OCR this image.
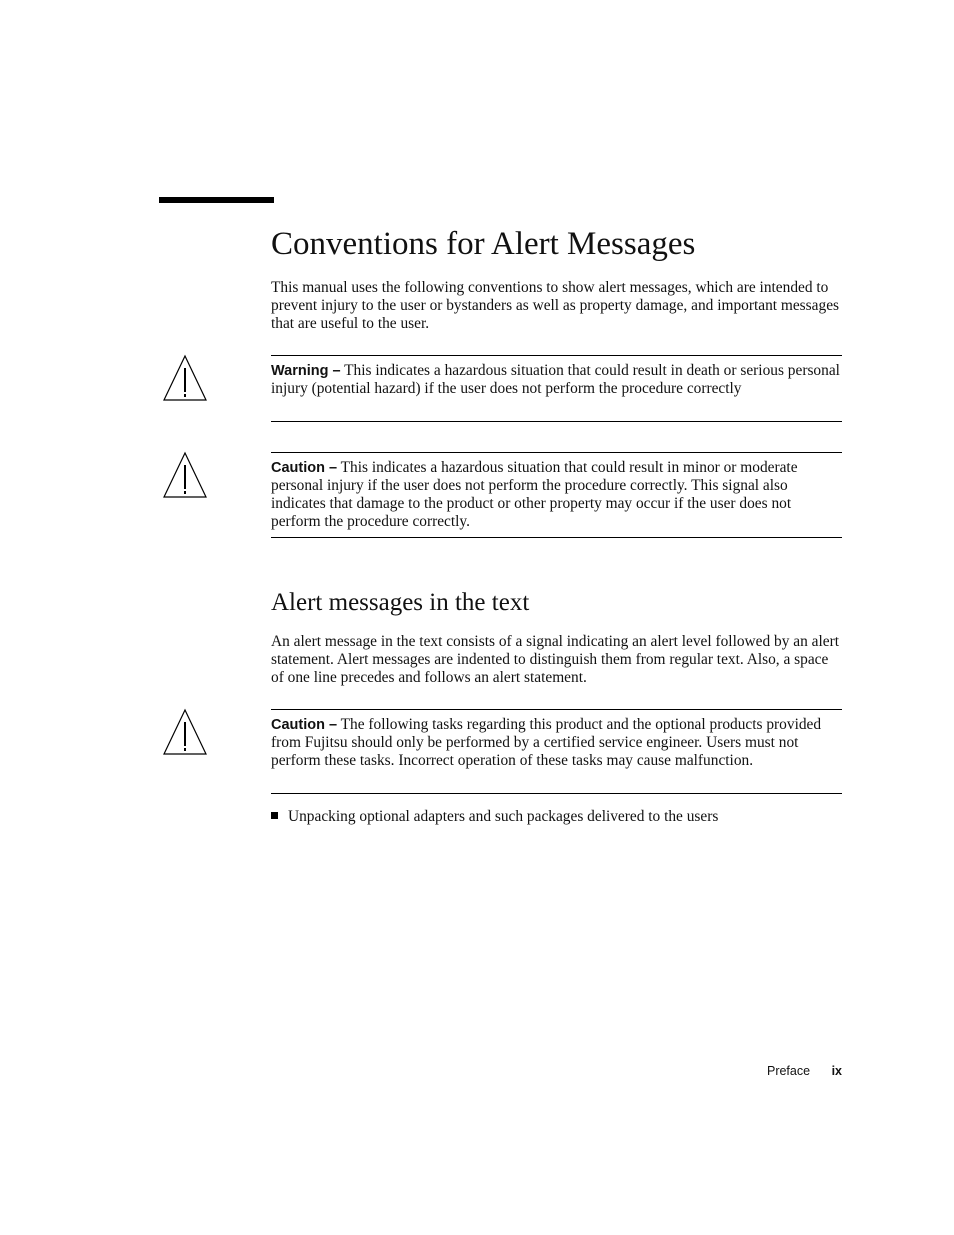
Conventions for Alert Messages

This manual uses the following conventions to show alert messages, which are intended to prevent injury to the user or bystanders as well as property damage, and important messages that are useful to the user.

Warning – This indicates a hazardous situation that could result in death or serious personal injury (potential hazard) if the user does not perform the procedure correctly

Caution – This indicates a hazardous situation that could result in minor or moderate personal injury if the user does not perform the procedure correctly. This signal also indicates that damage to the product or other property may occur if the user does not perform the procedure correctly.

Alert messages in the text

An alert message in the text consists of a signal indicating an alert level followed by an alert statement. Alert messages are indented to distinguish them from regular text. Also, a space of one line precedes and follows an alert statement.

Caution – The following tasks regarding this product and the optional products provided from Fujitsu should only be performed by a certified service engineer. Users must not perform these tasks. Incorrect operation of these tasks may cause malfunction.

Unpacking optional adapters and such packages delivered to the users
Preface ix
